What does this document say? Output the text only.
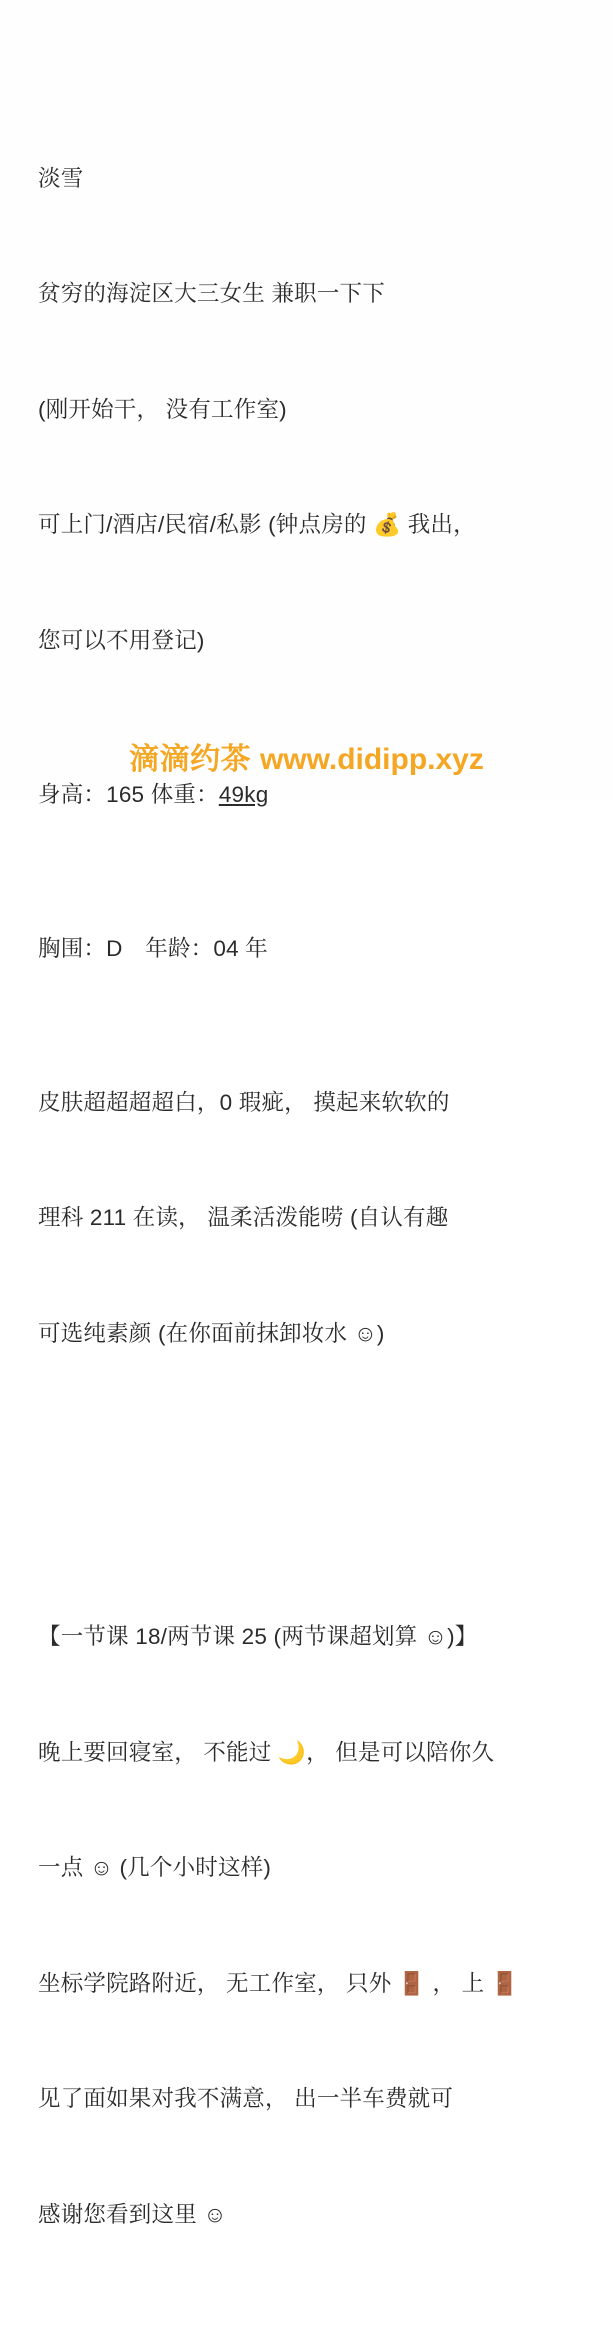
淡雪

贫穷的海淀区大三女生 兼职一下下

(刚开始干， 没有工作室)

可上门/酒店/民宿/私影 (钟点房的 💰 我出，

您可以不用登记)

身高：165 体重：49kg

胸围：D　 年龄：04 年

皮肤超超超超白，0 瑕疵， 摸起来软软的

理科 211 在读， 温柔活泼能唠 (自认有趣

可选纯素颜 (在你面前抹卸妆水 ☺)

【一节课 18/两节课 25 (两节课超划算 ☺)】

晚上要回寝室， 不能过 🌙， 但是可以陪你久

一点 ☺ (几个小时这样)

坐标学院路附近， 无工作室， 只外 🚪 ， 上 🚪

见了面如果对我不满意， 出一半车费就可

感谢您看到这里 ☺

滴滴约茶 www.didipp.xyz
